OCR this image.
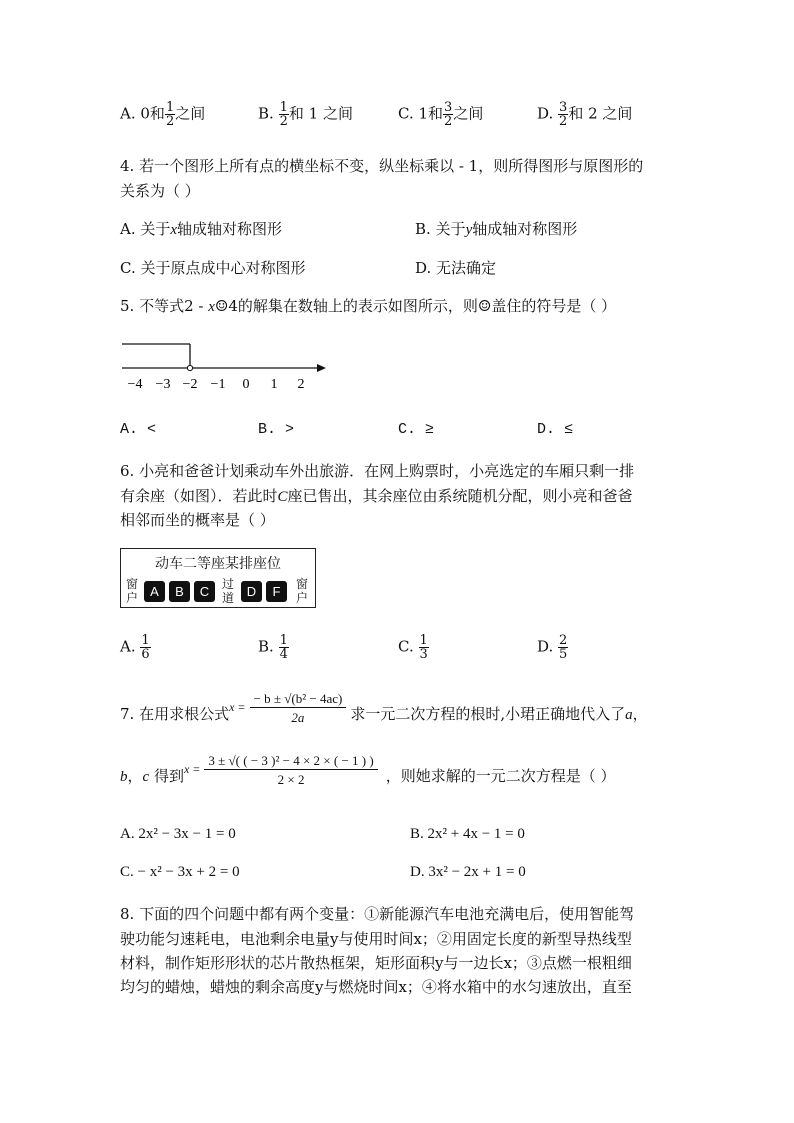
A. 0和 $\frac{1}{2}$ 之间	B. $\frac{1}{2}$ 和 1 之间	C. 1和 $\frac{3}{2}$ 之间	D. $\frac{3}{2}$ 和 2 之间
4. 若一个图形上所有点的横坐标不变，纵坐标乘以 - 1，则所得图形与原图形的
关系为（ ）
A. 关于x轴成轴对称图形	B. 关于y轴成轴对称图形
C. 关于原点成中心对称图形	D. 无法确定
5. 不等式2 - x☺4的解集在数轴上的表示如图所示，则☺盖住的符号是（ ）
−4 −3 −2 −1 0 1 2
A. <	B. >	C. ≥	D. ≤
6. 小亮和爸爸计划乘动车外出旅游．在网上购票时，小亮选定的车厢只剩一排
有余座（如图）．若此时C座已售出，其余座位由系统随机分配，则小亮和爸爸
相邻而坐的概率是（ ）
动车二等座某排座位
窗户 A	B	C	过道 D	F	窗户
A. $\frac{1}{6}$	B. $\frac{1}{4}$	C. $\frac{1}{3}$	D. $\frac{2}{5}$
7. 在用求根公式$^{x =} \frac{\text{− b ± √(b² − 4ac)}}{2a}$ 求一元二次方程的根时,小珺正确地代入了a，
b，c 得到$^{x =} \frac{\text{3 ± √( ( − 3 )² − 4 × 2 × ( − 1 ) )}}{2 \times 2}$ ，则她求解的一元二次方程是（ ）
A. 2x² − 3x − 1 = 0	B. 2x² + 4x − 1 = 0
C. − x² − 3x + 2 = 0	D. 3x² − 2x + 1 = 0
8. 下面的四个问题中都有两个变量：①新能源汽车电池充满电后，使用智能驾
驶功能匀速耗电，电池剩余电量y与使用时间x；②用固定长度的新型导热线型
材料，制作矩形形状的芯片散热框架，矩形面积y与一边长x；③点燃一根粗细
均匀的蜡烛，蜡烛的剩余高度y与燃烧时间x；④将水箱中的水匀速放出，直至
